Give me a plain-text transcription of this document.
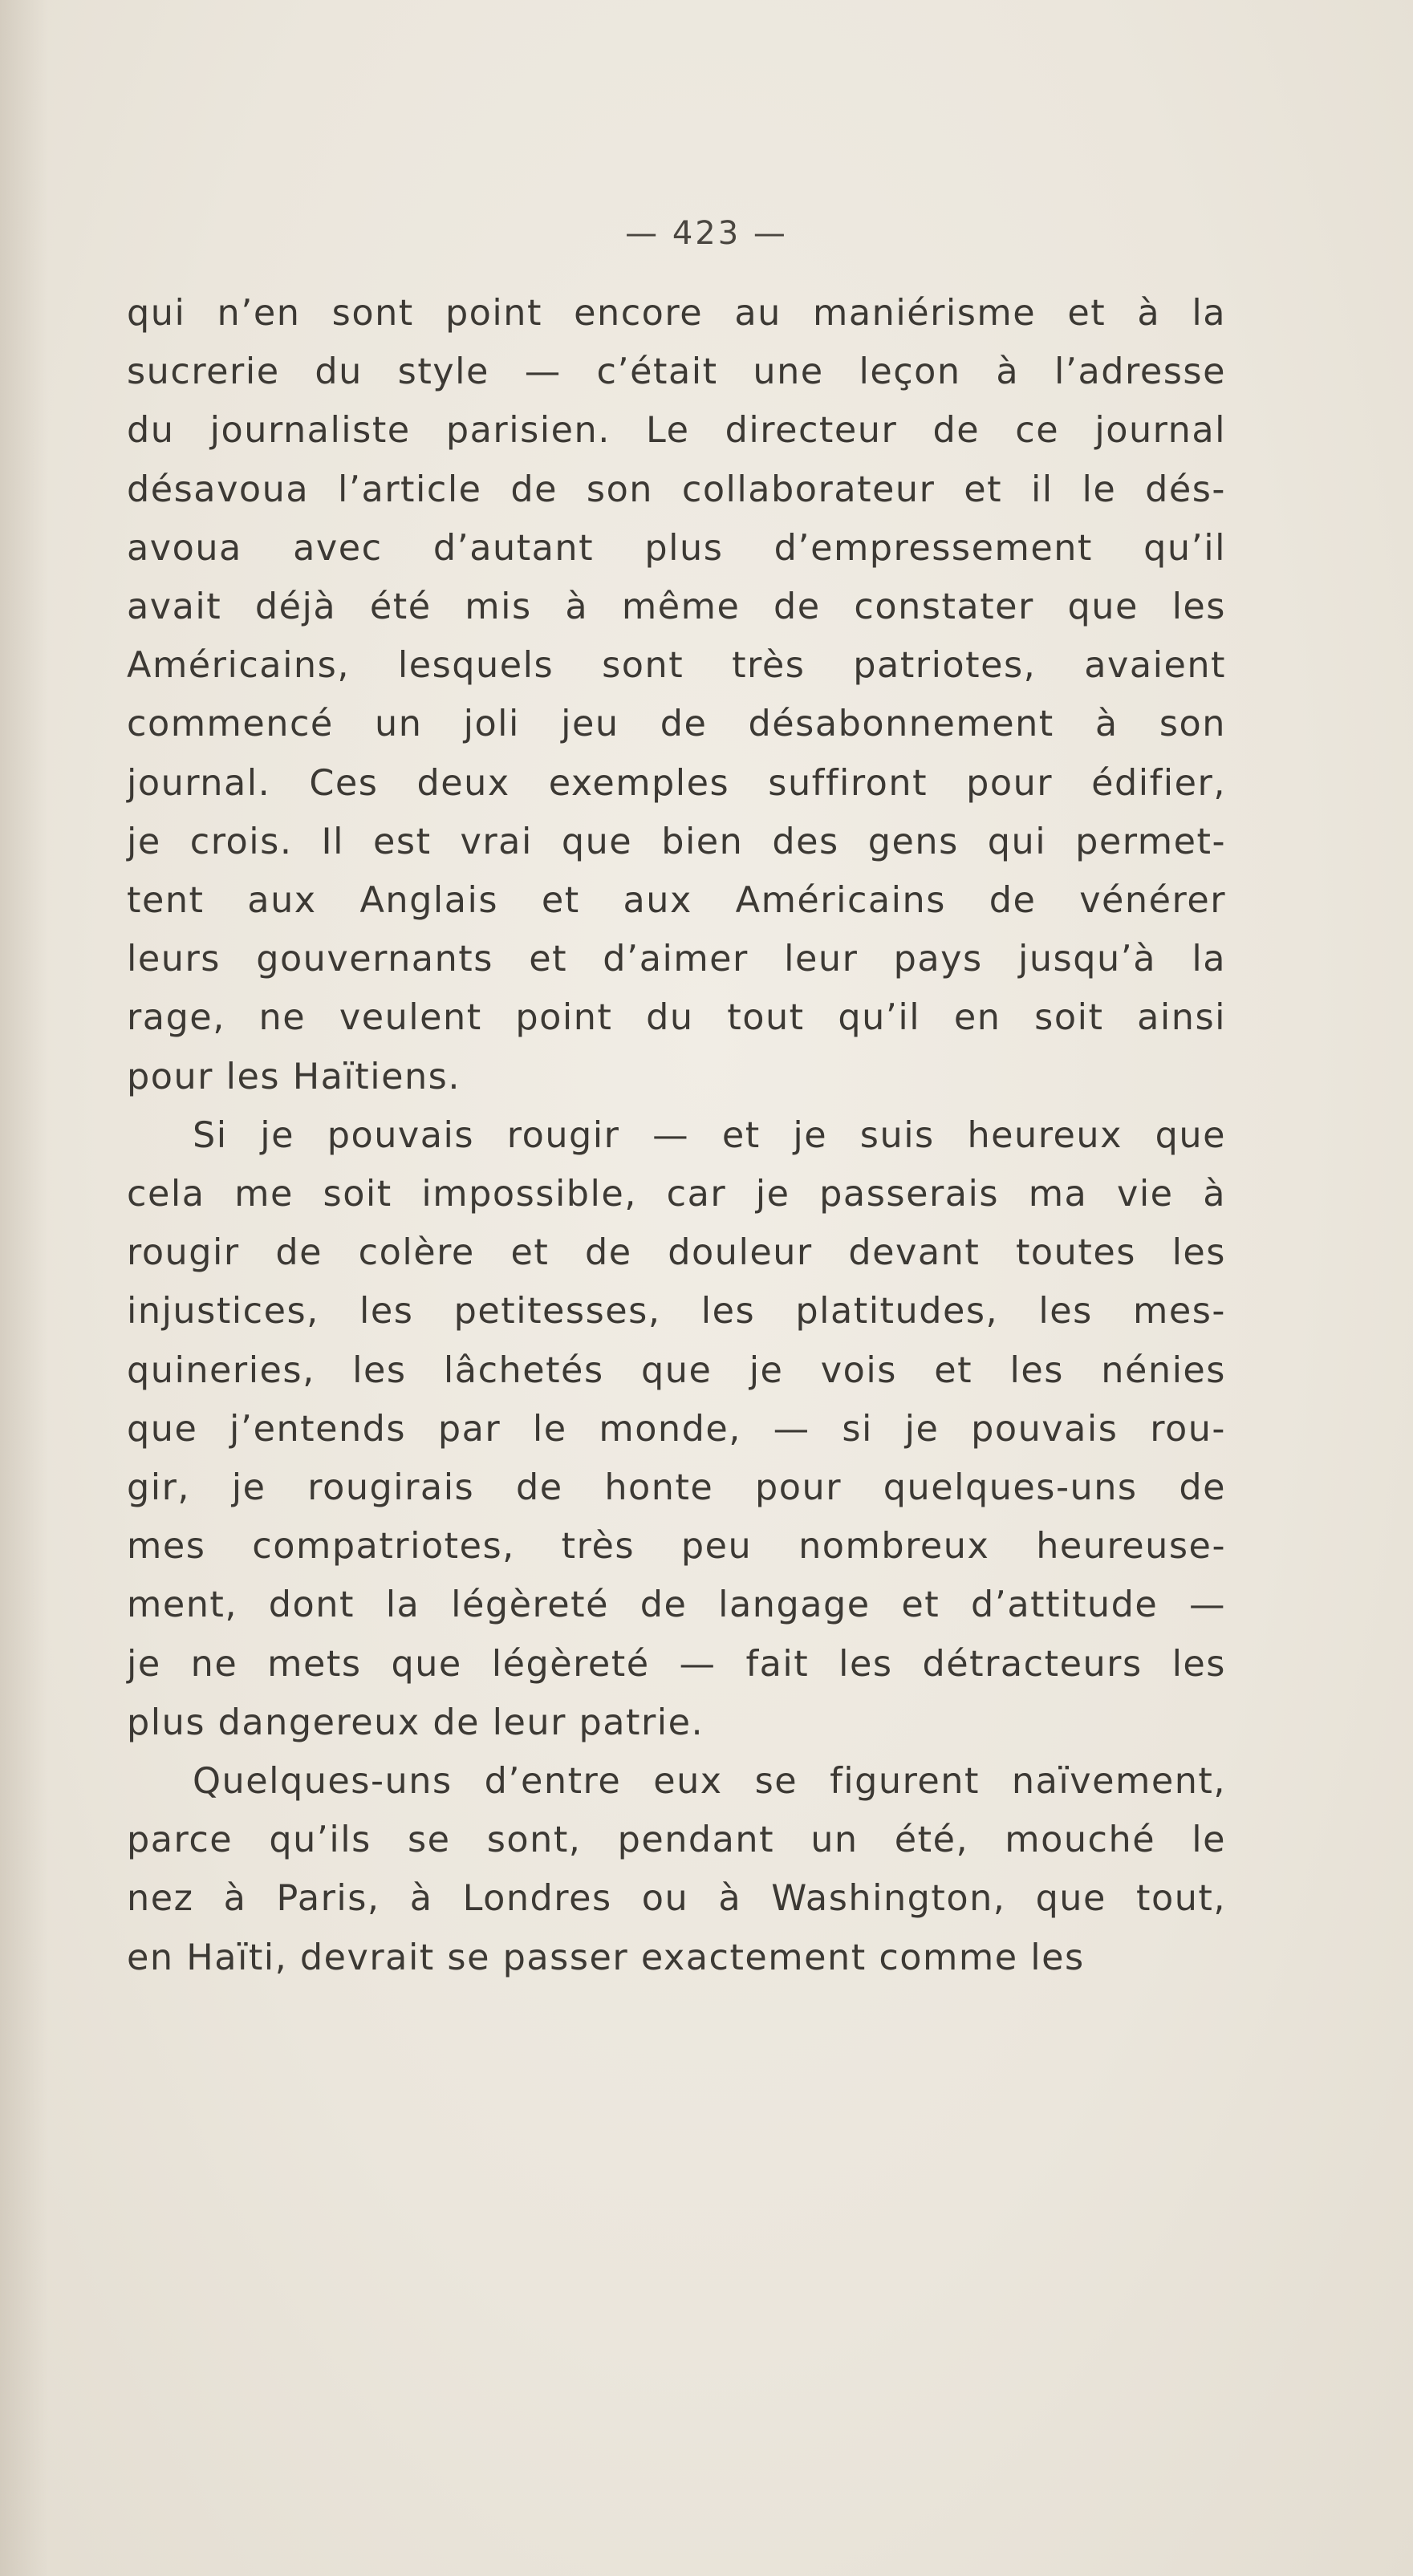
— 423 —

qui n’en sont point encore au maniérisme et à la
sucrerie du style — c’était une leçon à l’adresse
du journaliste parisien. Le directeur de ce journal
désavoua l’article de son collaborateur et il le dés-
avoua avec d’autant plus d’empressement qu’il
avait déjà été mis à même de constater que les
Américains, lesquels sont très patriotes, avaient
commencé un joli jeu de désabonnement à son
journal. Ces deux exemples suffiront pour édifier,
je crois. Il est vrai que bien des gens qui permet-
tent aux Anglais et aux Américains de vénérer
leurs gouvernants et d’aimer leur pays jusqu’à la
rage, ne veulent point du tout qu’il en soit ainsi
pour les Haïtiens.

Si je pouvais rougir — et je suis heureux que
cela me soit impossible, car je passerais ma vie à
rougir de colère et de douleur devant toutes les
injustices, les petitesses, les platitudes, les mes-
quineries, les lâchetés que je vois et les nénies
que j’entends par le monde, — si je pouvais rou-
gir, je rougirais de honte pour quelques-uns de
mes compatriotes, très peu nombreux heureuse-
ment, dont la légèreté de langage et d’attitude —
je ne mets que légèreté — fait les détracteurs les
plus dangereux de leur patrie.

Quelques-uns d’entre eux se figurent naïvement,
parce qu’ils se sont, pendant un été, mouché le
nez à Paris, à Londres ou à Washington, que tout,
en Haïti, devrait se passer exactement comme les
